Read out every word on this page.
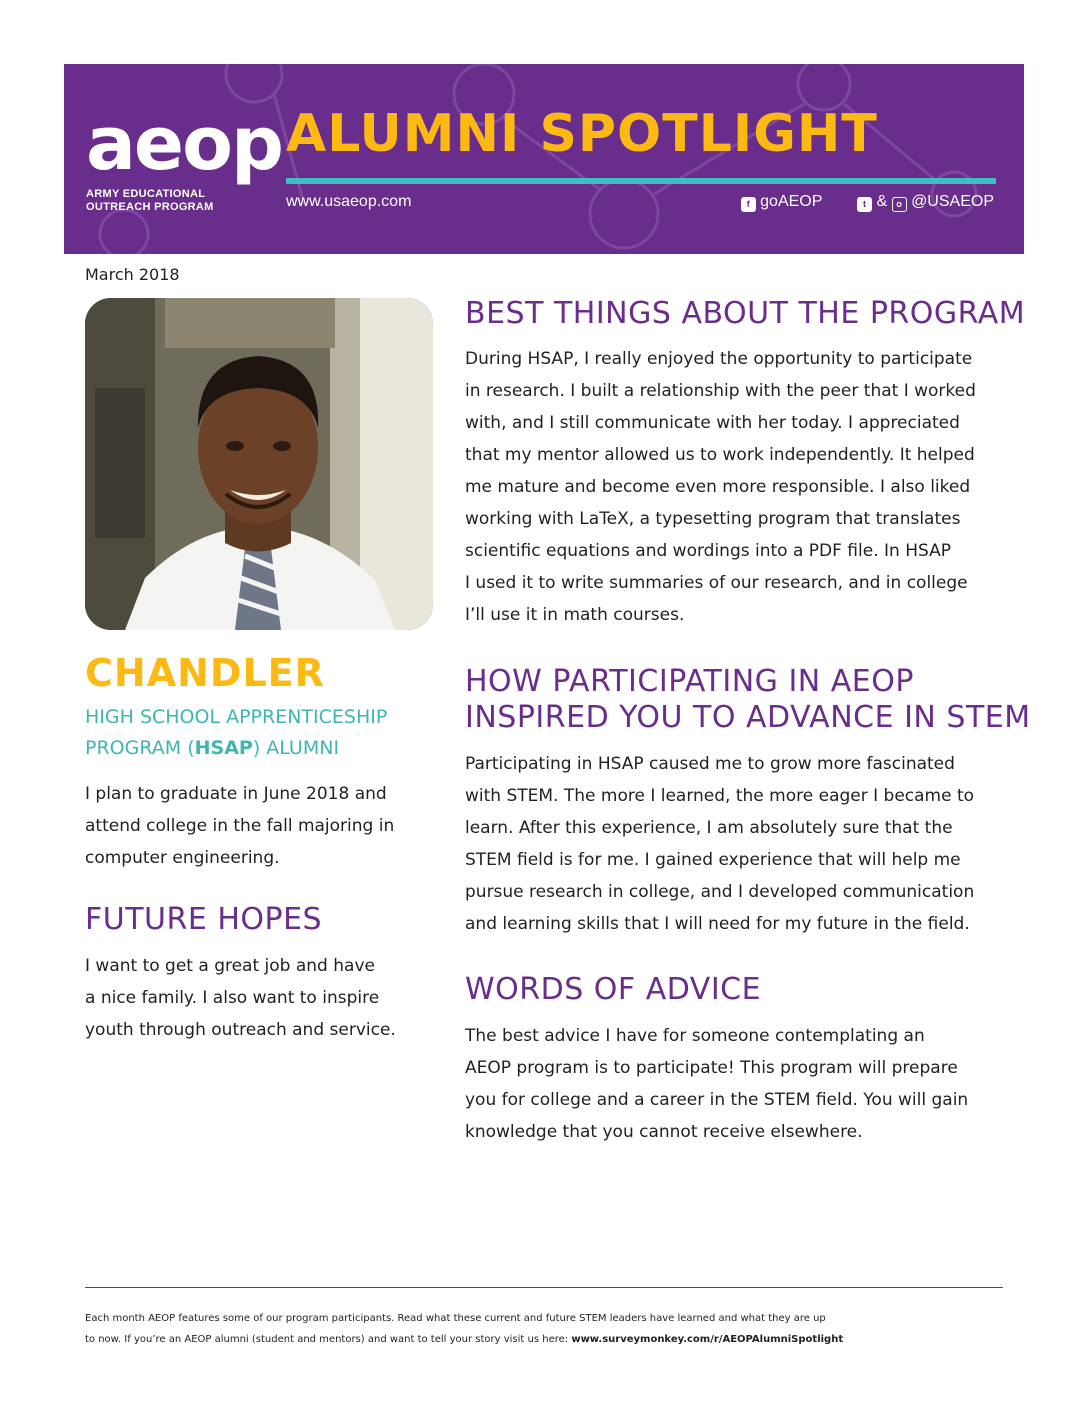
aeop
ARMY EDUCATIONAL
OUTREACH PROGRAM
ALUMNI SPOTLIGHT
www.usaeop.com	f goAEOP	t & o @USAEOP
March 2018
CHANDLER
HIGH SCHOOL APPRENTICESHIP
PROGRAM (HSAP) ALUMNI
I plan to graduate in June 2018 and
attend college in the fall majoring in
computer engineering.
FUTURE HOPES
I want to get a great job and have
a nice family. I also want to inspire
youth through outreach and service.
BEST THINGS ABOUT THE PROGRAM
During HSAP, I really enjoyed the opportunity to participate
in research. I built a relationship with the peer that I worked
with, and I still communicate with her today. I appreciated
that my mentor allowed us to work independently. It helped
me mature and become even more responsible. I also liked
working with LaTeX, a typesetting program that translates
scientific equations and wordings into a PDF file. In HSAP
I used it to write summaries of our research, and in college
I’ll use it in math courses.
HOW PARTICIPATING IN AEOP
INSPIRED YOU TO ADVANCE IN STEM
Participating in HSAP caused me to grow more fascinated
with STEM. The more I learned, the more eager I became to
learn. After this experience, I am absolutely sure that the
STEM field is for me. I gained experience that will help me
pursue research in college, and I developed communication
and learning skills that I will need for my future in the field.
WORDS OF ADVICE
The best advice I have for someone contemplating an
AEOP program is to participate! This program will prepare
you for college and a career in the STEM field. You will gain
knowledge that you cannot receive elsewhere.
Each month AEOP features some of our program participants. Read what these current and future STEM leaders have learned and what they are up
to now. If you’re an AEOP alumni (student and mentors) and want to tell your story visit us here: www.surveymonkey.com/r/AEOPAlumniSpotlight
